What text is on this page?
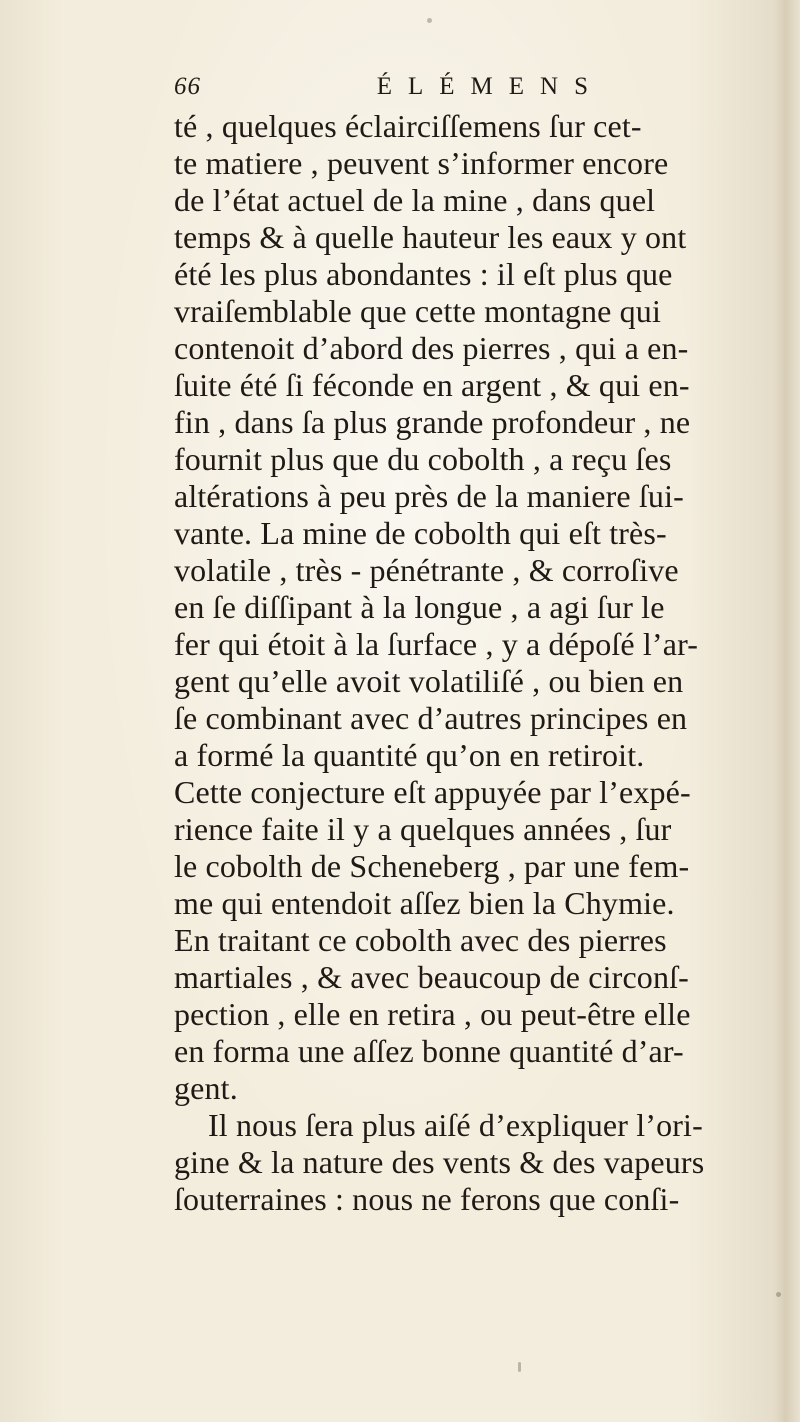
66	ÉLÉMENS
té , quelques éclairciſſemens ſur cet-
te matiere , peuvent s’informer encore
de l’état actuel de la mine , dans quel
temps & à quelle hauteur les eaux y ont
été les plus abondantes : il eſt plus que
vraiſemblable que cette montagne qui
contenoit d’abord des pierres , qui a en-
ſuite été ſi féconde en argent , & qui en-
fin , dans ſa plus grande profondeur , ne
fournit plus que du cobolth , a reçu ſes
altérations à peu près de la maniere ſui-
vante. La mine de cobolth qui eſt très-
volatile , très - pénétrante , & corroſive
en ſe diſſipant à la longue , a agi ſur le
fer qui étoit à la ſurface , y a dépoſé l’ar-
gent qu’elle avoit volatiliſé , ou bien en
ſe combinant avec d’autres principes en
a formé la quantité qu’on en retiroit.
Cette conjecture eſt appuyée par l’expé-
rience faite il y a quelques années , ſur
le cobolth de Scheneberg , par une fem-
me qui entendoit aſſez bien la Chymie.
En traitant ce cobolth avec des pierres
martiales , & avec beaucoup de circonſ-
pection , elle en retira , ou peut-être elle
en forma une aſſez bonne quantité d’ar-
gent.
Il nous ſera plus aiſé d’expliquer l’ori-
gine & la nature des vents & des vapeurs
ſouterraines : nous ne ferons que conſi-
